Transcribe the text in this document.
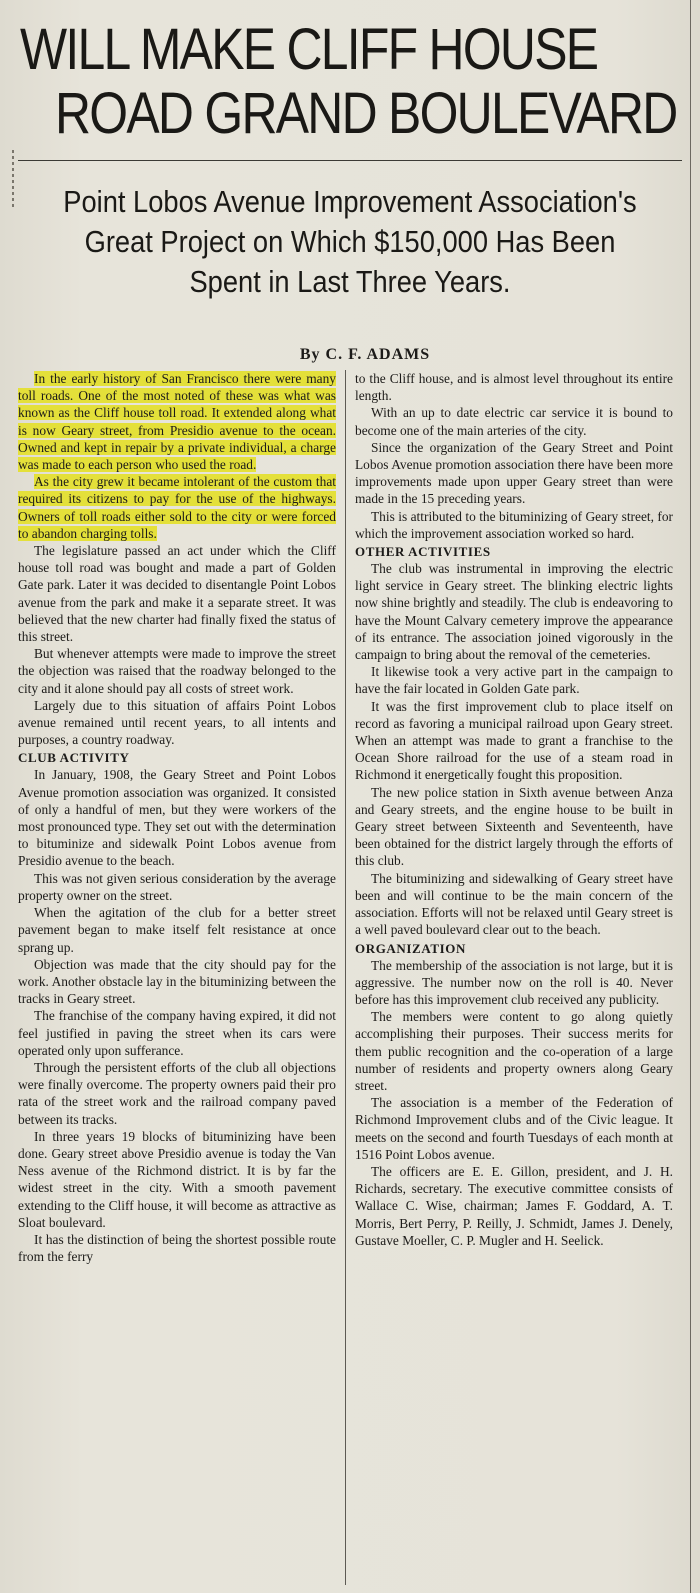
WILL MAKE CLIFF HOUSE
ROAD GRAND BOULEVARD
Point Lobos Avenue Improvement Association's Great Project on Which $150,000 Has Been Spent in Last Three Years.
By C. F. ADAMS

In the early history of San Francisco there were many toll roads. One of the most noted of these was what was known as the Cliff house toll road. It extended along what is now Geary street, from Presidio avenue to the ocean. Owned and kept in repair by a private individual, a charge was made to each person who used the road.

As the city grew it became intolerant of the custom that required its citizens to pay for the use of the highways. Owners of toll roads either sold to the city or were forced to abandon charging tolls.

The legislature passed an act under which the Cliff house toll road was bought and made a part of Golden Gate park. Later it was decided to disentangle Point Lobos avenue from the park and make it a separate street. It was believed that the new charter had finally fixed the status of this street.

But whenever attempts were made to improve the street the objection was raised that the roadway belonged to the city and it alone should pay all costs of street work.

Largely due to this situation of affairs Point Lobos avenue remained until recent years, to all intents and purposes, a country roadway.

CLUB ACTIVITY

In January, 1908, the Geary Street and Point Lobos Avenue promotion association was organized. It consisted of only a handful of men, but they were workers of the most pronounced type. They set out with the determination to bituminize and sidewalk Point Lobos avenue from Presidio avenue to the beach.

This was not given serious consideration by the average property owner on the street.

When the agitation of the club for a better street pavement began to make itself felt resistance at once sprang up.

Objection was made that the city should pay for the work. Another obstacle lay in the bituminizing between the tracks in Geary street.

The franchise of the company having expired, it did not feel justified in paving the street when its cars were operated only upon sufferance.

Through the persistent efforts of the club all objections were finally overcome. The property owners paid their pro rata of the street work and the railroad company paved between its tracks.

In three years 19 blocks of bituminizing have been done. Geary street above Presidio avenue is today the Van Ness avenue of the Richmond district. It is by far the widest street in the city. With a smooth pavement extending to the Cliff house, it will become as attractive as Sloat boulevard.

It has the distinction of being the shortest possible route from the ferry

to the Cliff house, and is almost level throughout its entire length.

With an up to date electric car service it is bound to become one of the main arteries of the city.

Since the organization of the Geary Street and Point Lobos Avenue promotion association there have been more improvements made upon upper Geary street than were made in the 15 preceding years.

This is attributed to the bituminizing of Geary street, for which the improvement association worked so hard.

OTHER ACTIVITIES

The club was instrumental in improving the electric light service in Geary street. The blinking electric lights now shine brightly and steadily. The club is endeavoring to have the Mount Calvary cemetery improve the appearance of its entrance. The association joined vigorously in the campaign to bring about the removal of the cemeteries.

It likewise took a very active part in the campaign to have the fair located in Golden Gate park.

It was the first improvement club to place itself on record as favoring a municipal railroad upon Geary street. When an attempt was made to grant a franchise to the Ocean Shore railroad for the use of a steam road in Richmond it energetically fought this proposition.

The new police station in Sixth avenue between Anza and Geary streets, and the engine house to be built in Geary street between Sixteenth and Seventeenth, have been obtained for the district largely through the efforts of this club.

The bituminizing and sidewalking of Geary street have been and will continue to be the main concern of the association. Efforts will not be relaxed until Geary street is a well paved boulevard clear out to the beach.

ORGANIZATION

The membership of the association is not large, but it is aggressive. The number now on the roll is 40. Never before has this improvement club received any publicity.

The members were content to go along quietly accomplishing their purposes. Their success merits for them public recognition and the co-operation of a large number of residents and property owners along Geary street.

The association is a member of the Federation of Richmond Improvement clubs and of the Civic league. It meets on the second and fourth Tuesdays of each month at 1516 Point Lobos avenue.

The officers are E. E. Gillon, president, and J. H. Richards, secretary. The executive committee consists of Wallace C. Wise, chairman; James F. Goddard, A. T. Morris, Bert Perry, P. Reilly, J. Schmidt, James J. Denely, Gustave Moeller, C. P. Mugler and H. Seelick.
